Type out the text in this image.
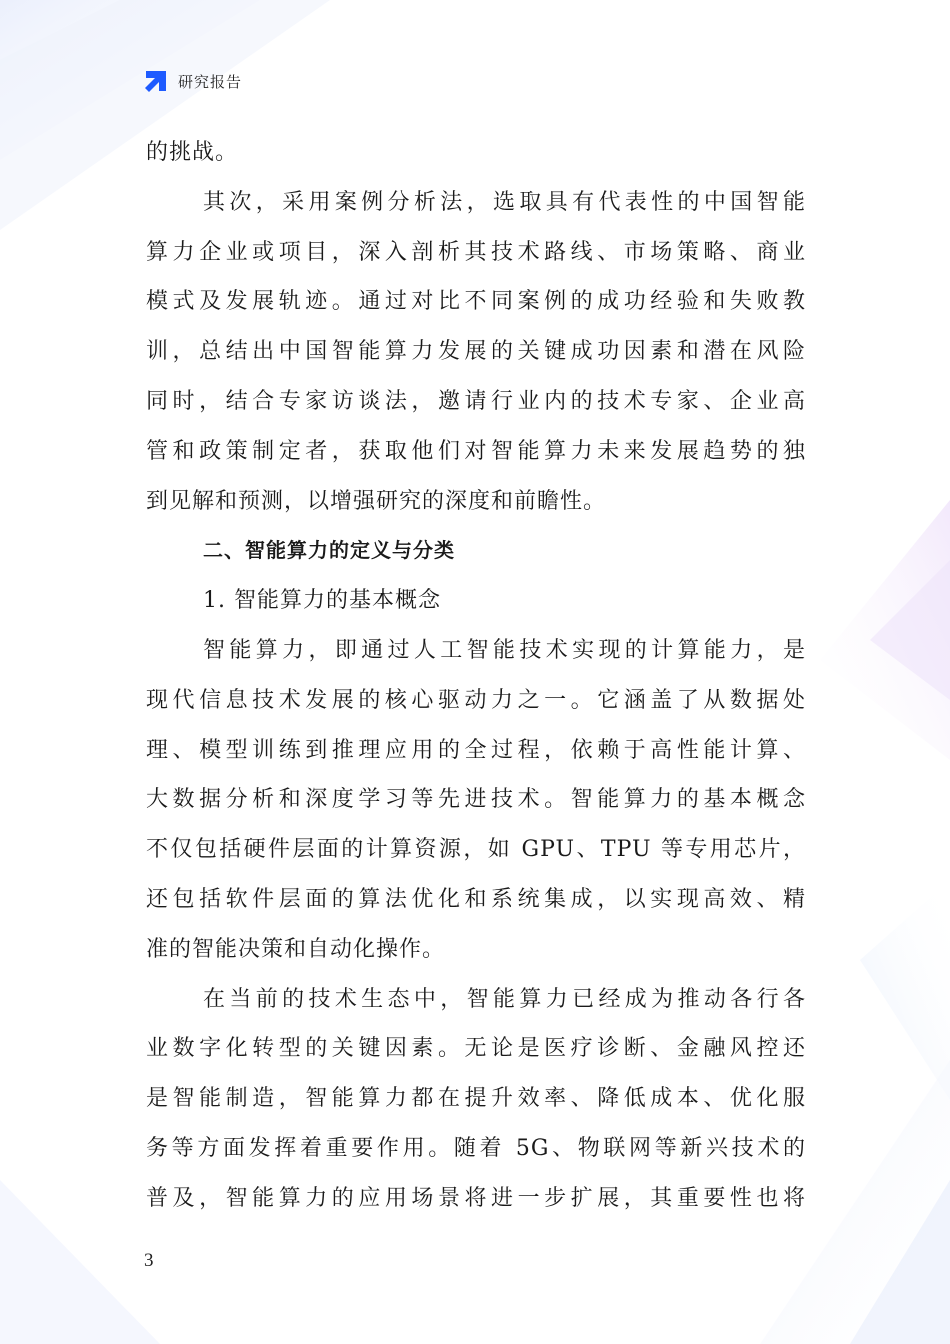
研究报告
的挑战。
其次，采用案例分析法，选取具有代表性的中国智能
算力企业或项目，深入剖析其技术路线、市场策略、商业
模式及发展轨迹。通过对比不同案例的成功经验和失败教
训，总结出中国智能算力发展的关键成功因素和潜在风险
同时，结合专家访谈法，邀请行业内的技术专家、企业高
管和政策制定者，获取他们对智能算力未来发展趋势的独
到见解和预测，以增强研究的深度和前瞻性。
二、智能算力的定义与分类
1. 智能算力的基本概念
智能算力，即通过人工智能技术实现的计算能力，是
现代信息技术发展的核心驱动力之一。它涵盖了从数据处
理、模型训练到推理应用的全过程，依赖于高性能计算、
大数据分析和深度学习等先进技术。智能算力的基本概念
不仅包括硬件层面的计算资源，如 GPU、TPU 等专用芯片，
还包括软件层面的算法优化和系统集成，以实现高效、精
准的智能决策和自动化操作。
在当前的技术生态中，智能算力已经成为推动各行各
业数字化转型的关键因素。无论是医疗诊断、金融风控还
是智能制造，智能算力都在提升效率、降低成本、优化服
务等方面发挥着重要作用。随着 5G、物联网等新兴技术的
普及，智能算力的应用场景将进一步扩展，其重要性也将
3
